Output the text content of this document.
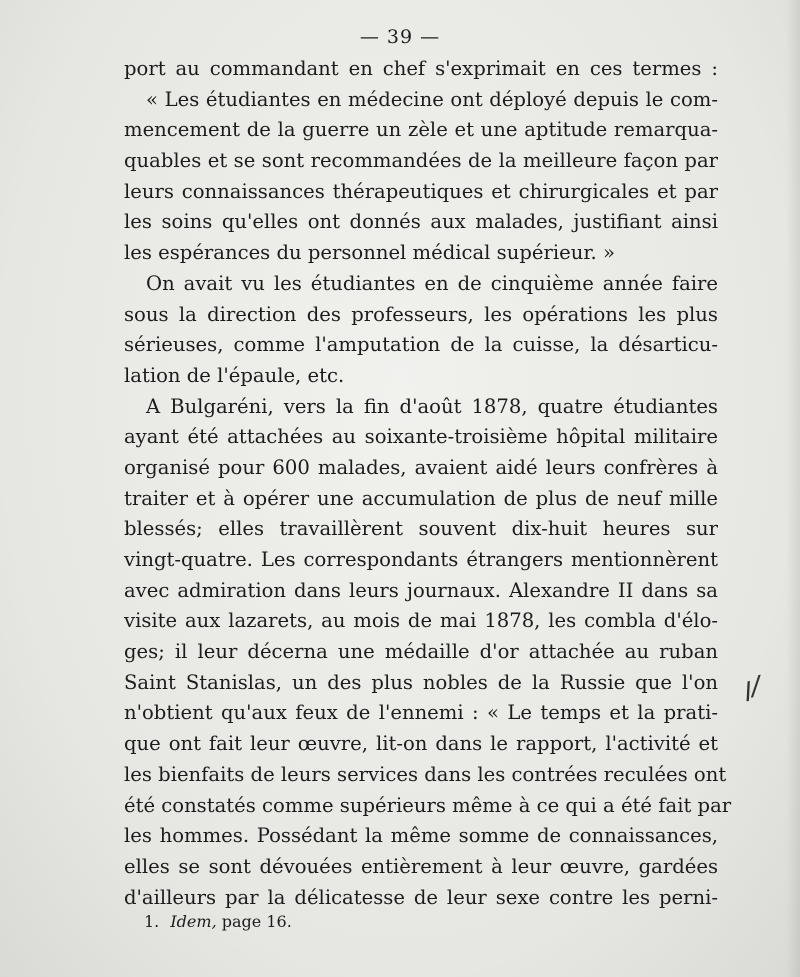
— 39 —
port au commandant en chef s'exprimait en ces termes :
« Les étudiantes en médecine ont déployé depuis le com-
mencement de la guerre un zèle et une aptitude remarqua-
quables et se sont recommandées de la meilleure façon par
leurs connaissances thérapeutiques et chirurgicales et par
les soins qu'elles ont donnés aux malades, justifiant ainsi
les espérances du personnel médical supérieur. »
On avait vu les étudiantes en de cinquième année faire
sous la direction des professeurs, les opérations les plus
sérieuses, comme l'amputation de la cuisse, la désarticu-
lation de l'épaule, etc.
A Bulgaréni, vers la fin d'août 1878, quatre étudiantes
ayant été attachées au soixante-troisième hôpital militaire
organisé pour 600 malades, avaient aidé leurs confrères à
traiter et à opérer une accumulation de plus de neuf mille
blessés; elles travaillèrent souvent dix-huit heures sur
vingt-quatre. Les correspondants étrangers mentionnèrent
avec admiration dans leurs journaux. Alexandre II dans sa
visite aux lazarets, au mois de mai 1878, les combla d'élo-
ges; il leur décerna une médaille d'or attachée au ruban
Saint Stanislas, un des plus nobles de la Russie que l'on
n'obtient qu'aux feux de l'ennemi : « Le temps et la prati-
que ont fait leur œuvre, lit-on dans le rapport, l'activité et
les bienfaits de leurs services dans les contrées reculées ont
été constatés comme supérieurs même à ce qui a été fait par
les hommes. Possédant la même somme de connaissances,
elles se sont dévouées entièrement à leur œuvre, gardées
d'ailleurs par la délicatesse de leur sexe contre les perni-
ꞁ/
1. Idem, page 16.
